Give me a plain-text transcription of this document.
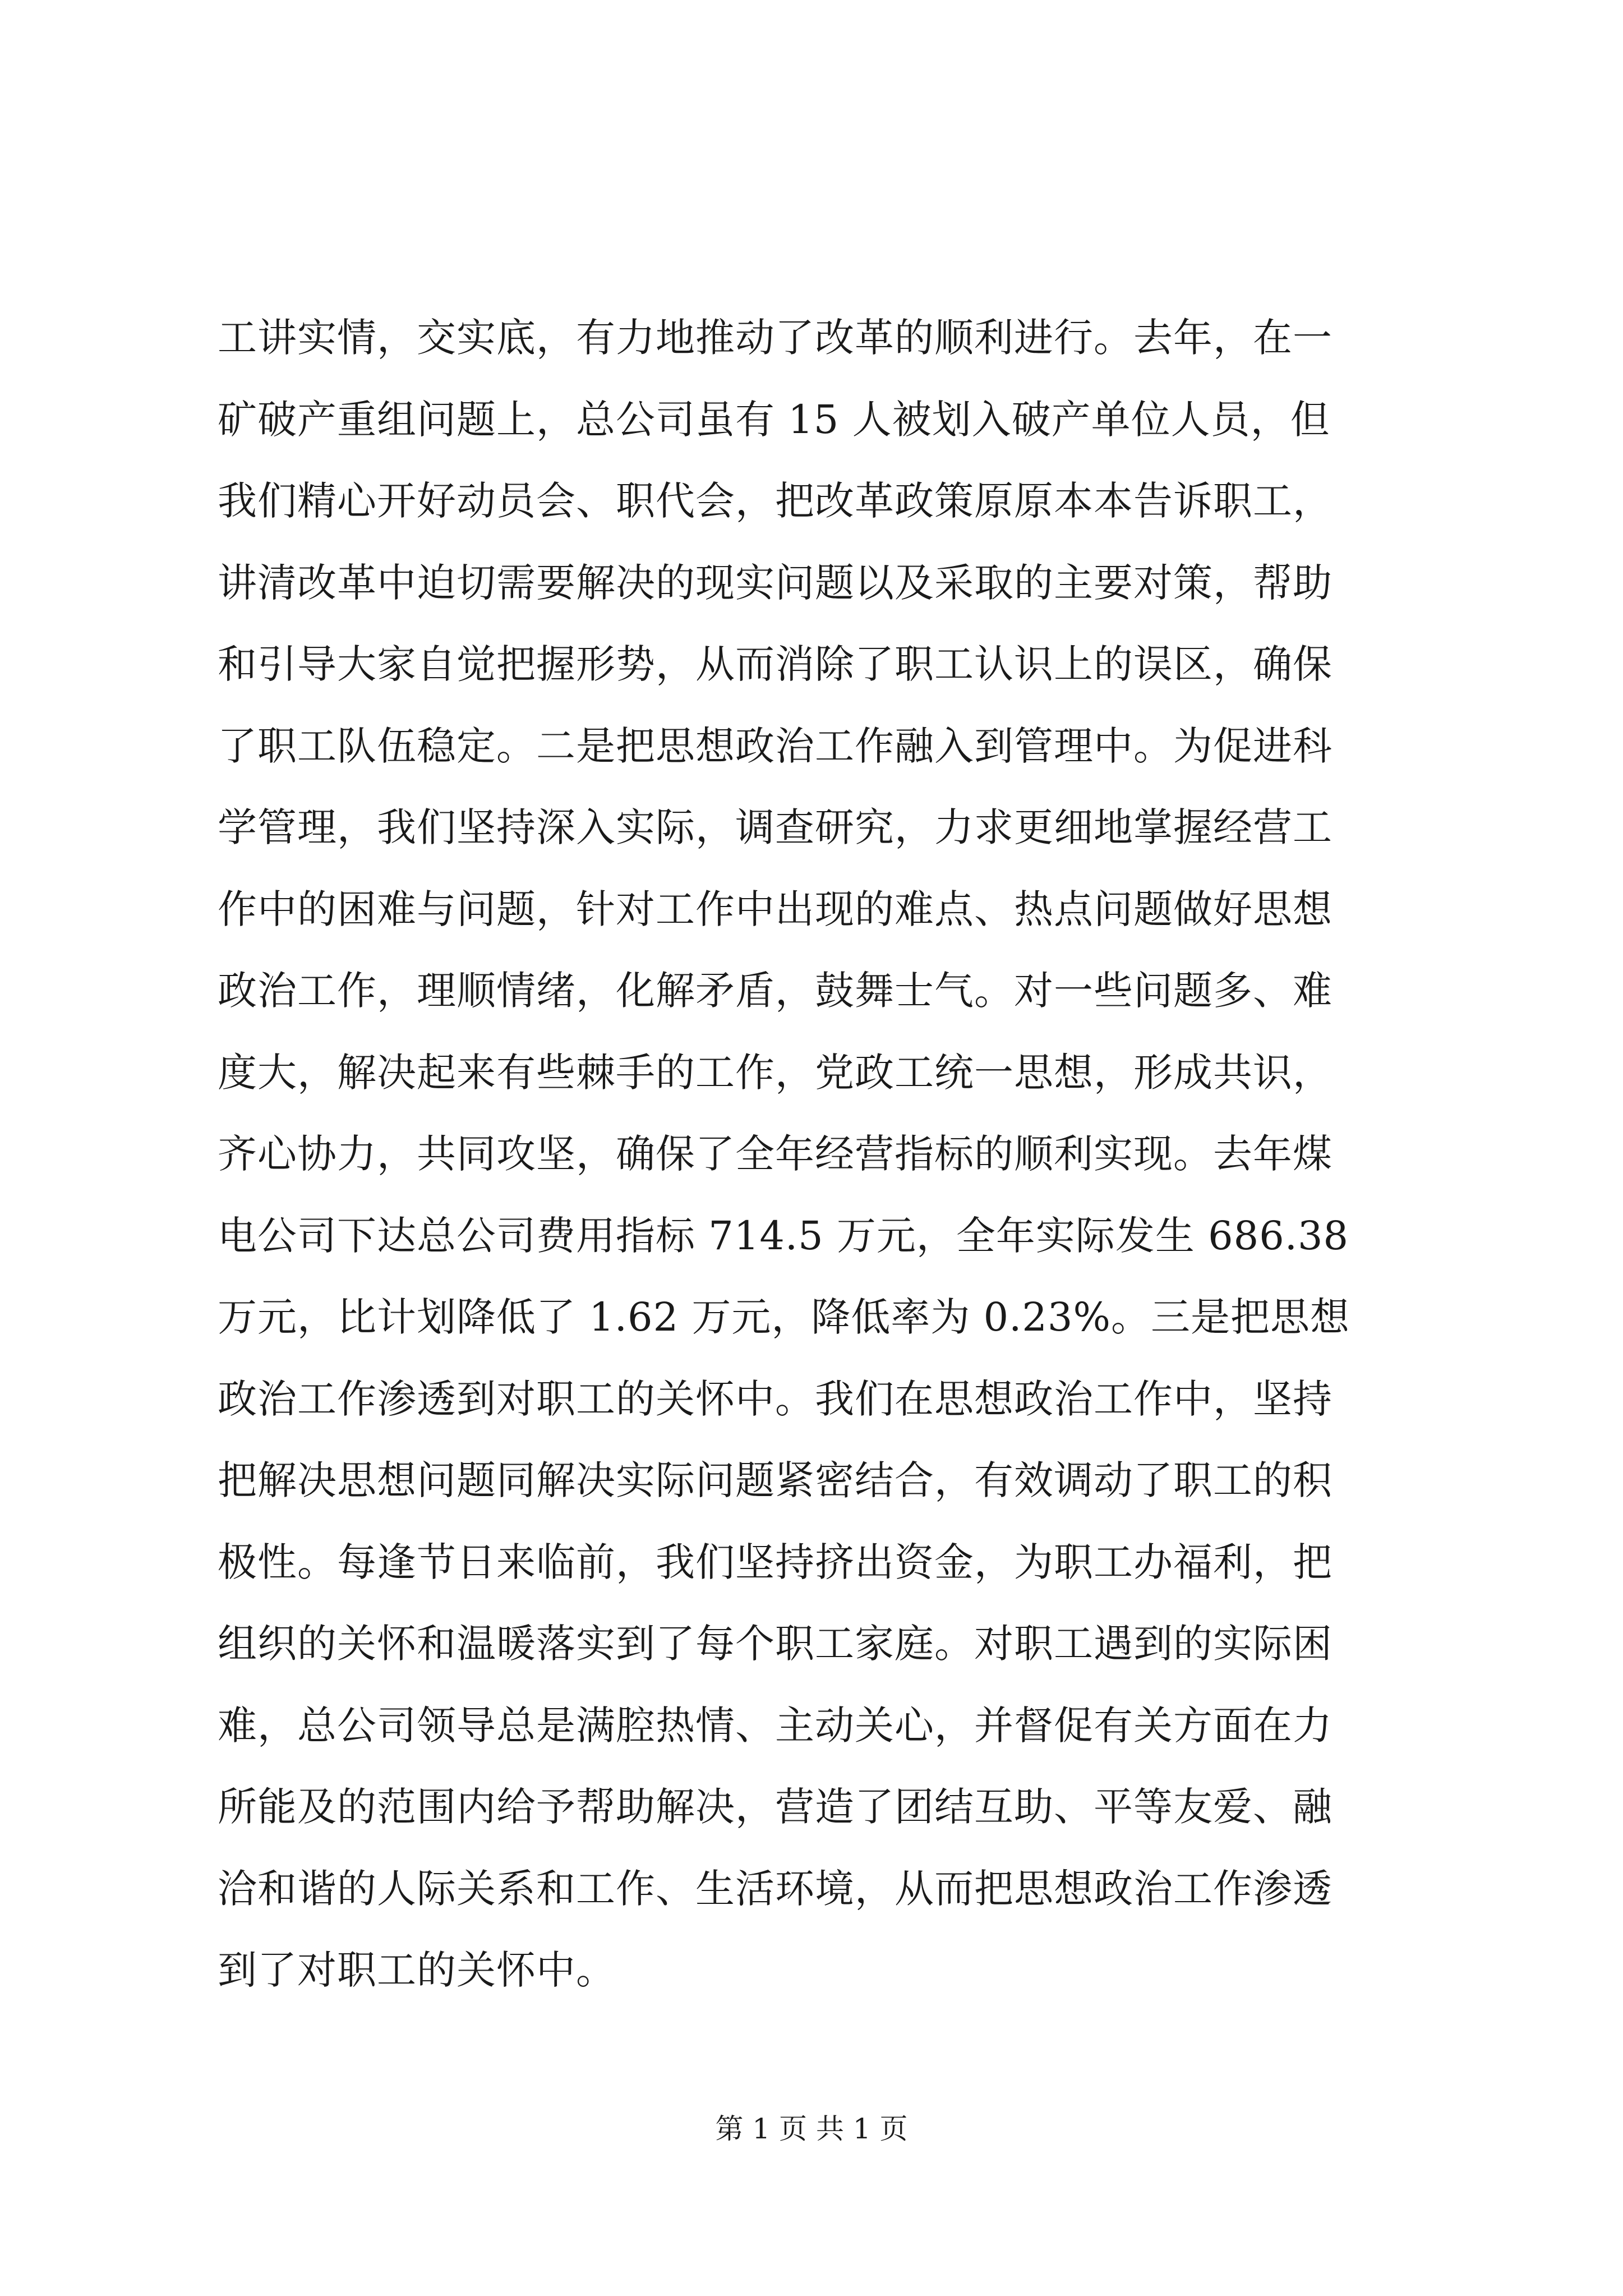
工讲实情，交实底，有力地推动了改革的顺利进行。去年，在一
矿破产重组问题上，总公司虽有 15 人被划入破产单位人员，但
我们精心开好动员会、职代会，把改革政策原原本本告诉职工，
讲清改革中迫切需要解决的现实问题以及采取的主要对策，帮助
和引导大家自觉把握形势，从而消除了职工认识上的误区，确保
了职工队伍稳定。二是把思想政治工作融入到管理中。为促进科
学管理，我们坚持深入实际，调查研究，力求更细地掌握经营工
作中的困难与问题，针对工作中出现的难点、热点问题做好思想
政治工作，理顺情绪，化解矛盾，鼓舞士气。对一些问题多、难
度大，解决起来有些棘手的工作，党政工统一思想，形成共识，
齐心协力，共同攻坚，确保了全年经营指标的顺利实现。去年煤
电公司下达总公司费用指标 714.5 万元，全年实际发生 686.38
万元，比计划降低了 1.62 万元，降低率为 0.23%。三是把思想
政治工作渗透到对职工的关怀中。我们在思想政治工作中，坚持
把解决思想问题同解决实际问题紧密结合，有效调动了职工的积
极性。每逢节日来临前，我们坚持挤出资金，为职工办福利，把
组织的关怀和温暖落实到了每个职工家庭。对职工遇到的实际困
难，总公司领导总是满腔热情、主动关心，并督促有关方面在力
所能及的范围内给予帮助解决，营造了团结互助、平等友爱、融
洽和谐的人际关系和工作、生活环境，从而把思想政治工作渗透
到了对职工的关怀中。
第 1 页 共 1 页
